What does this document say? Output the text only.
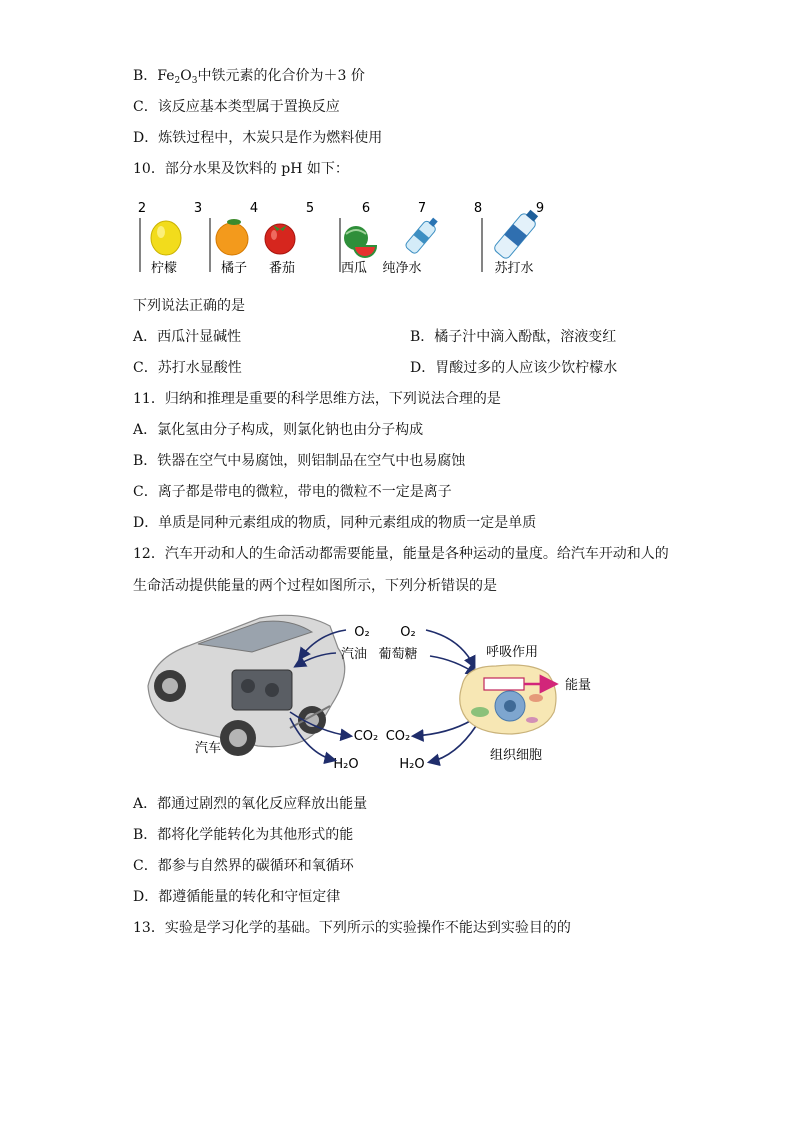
B．$Fe_2O_3$中铁元素的化合价为＋3 价
C．该反应基本类型属于置换反应
D．炼铁过程中，木炭只是作为燃料使用
10．部分水果及饮料的 pH 如下：
2	3	4	5	6	7	8	9
柠檬	橘子 番茄	西瓜 纯净水	苏打水
下列说法正确的是
A．西瓜汁显碱性	B．橘子汁中滴入酚酞，溶液变红
C．苏打水显酸性	D．胃酸过多的人应该少饮柠檬水
11．归纳和推理是重要的科学思维方法，下列说法合理的是
A．氯化氢由分子构成，则氯化钠也由分子构成
B．铁器在空气中易腐蚀，则铝制品在空气中也易腐蚀
C．离子都是带电的微粒，带电的微粒不一定是离子
D．单质是同种元素组成的物质，同种元素组成的物质一定是单质
12．汽车开动和人的生命活动都需要能量，能量是各种运动的量度。给汽车开动和人的
生命活动提供能量的两个过程如图所示，下列分析错误的是
汽车
O₂
汽油
CO₂
H₂O
O₂
葡萄糖	呼吸作用
能量
CO₂
H₂O
组织细胞
A．都通过剧烈的氧化反应释放出能量
B．都将化学能转化为其他形式的能
C．都参与自然界的碳循环和氧循环
D．都遵循能量的转化和守恒定律
13．实验是学习化学的基础。下列所示的实验操作不能达到实验目的的
